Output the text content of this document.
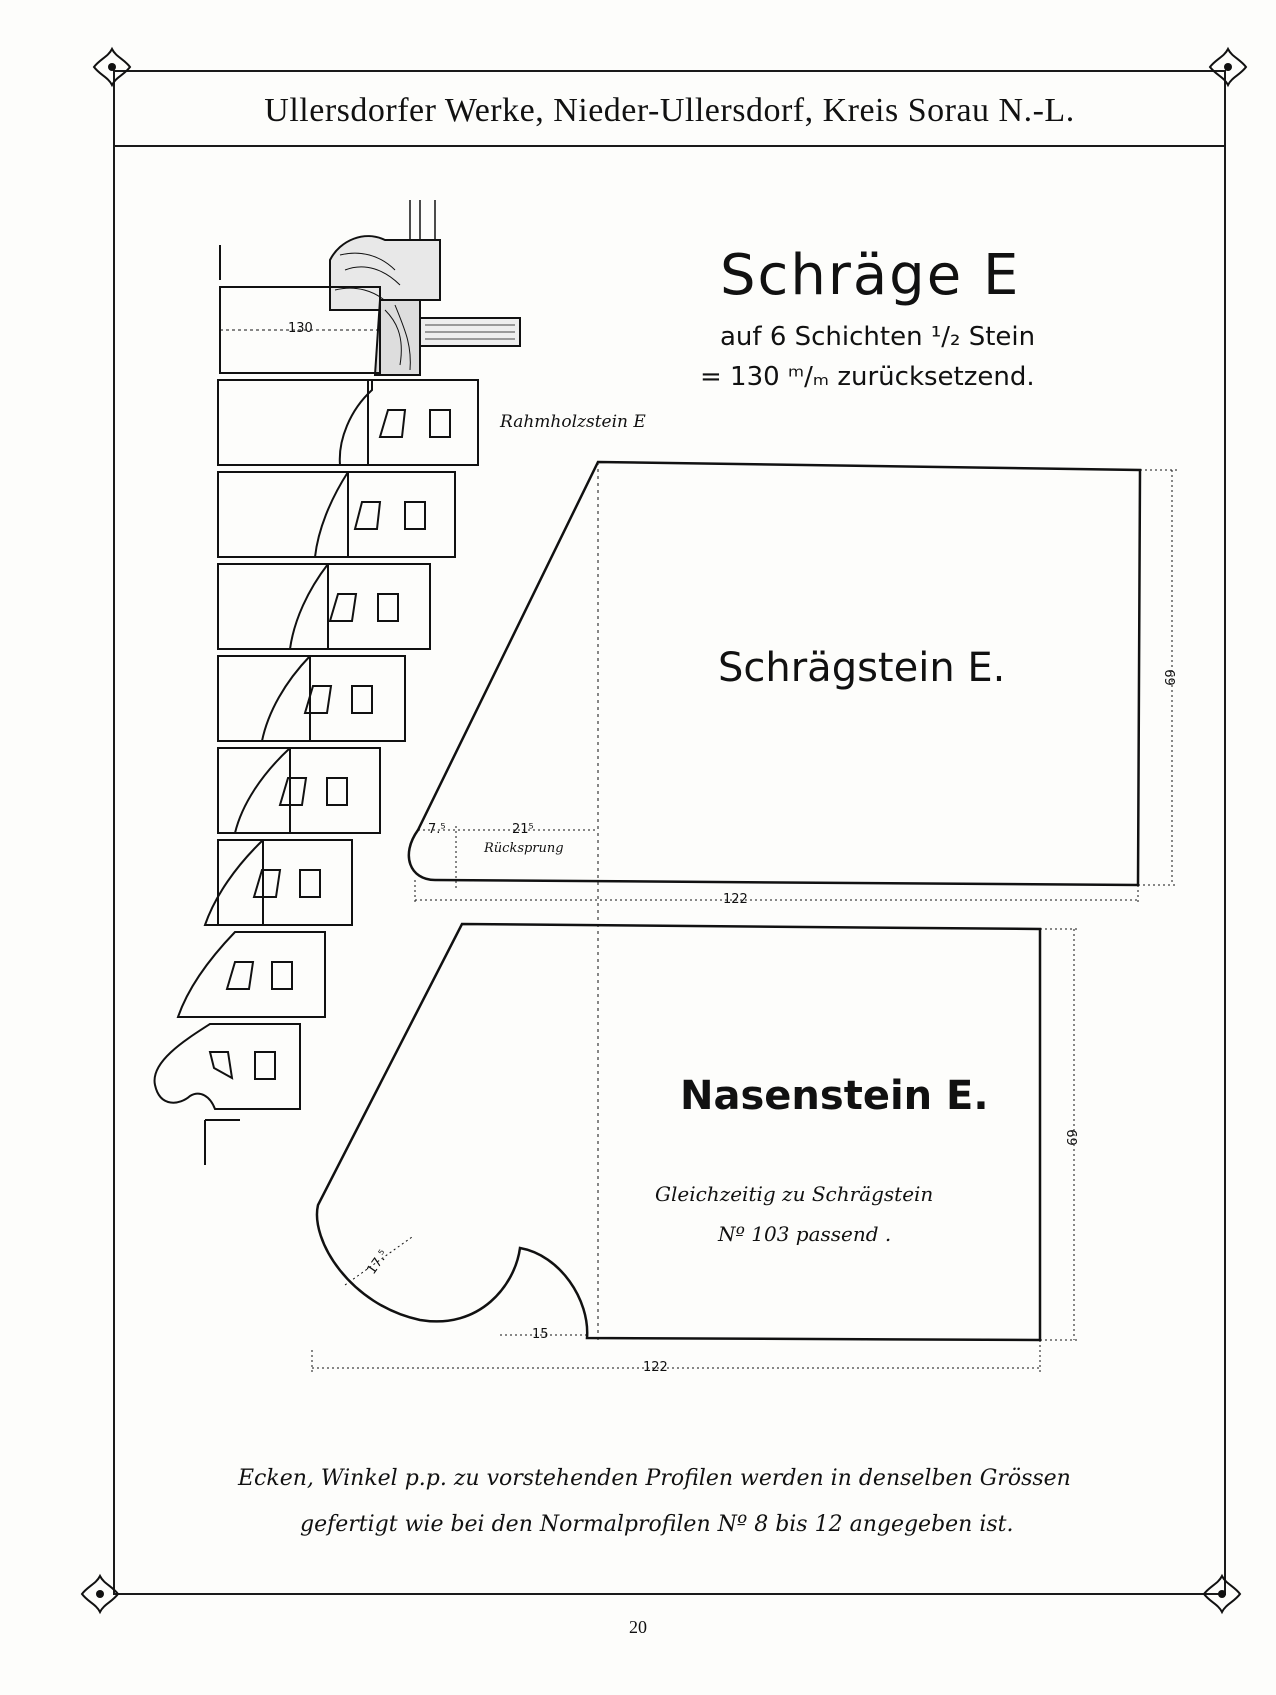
Ullersdorfer Werke, Nieder-Ullersdorf, Kreis Sorau N.-L.
Schräge E
auf 6 Schichten ¹/₂ Stein
= 130 ᵐ/ₘ zurücksetzend.
Rahmholzstein E
130
Schrägstein E.	69
122
7.⁵	21⁵
Rücksprung
Nasenstein E.
Gleichzeitig zu Schrägstein
Nº 103 passend .
69
122
17.⁵
15
Ecken, Winkel p.p. zu vorstehenden Profilen werden in denselben Grössen
gefertigt wie bei den Normalprofilen Nº 8 bis 12 angegeben ist.
20
